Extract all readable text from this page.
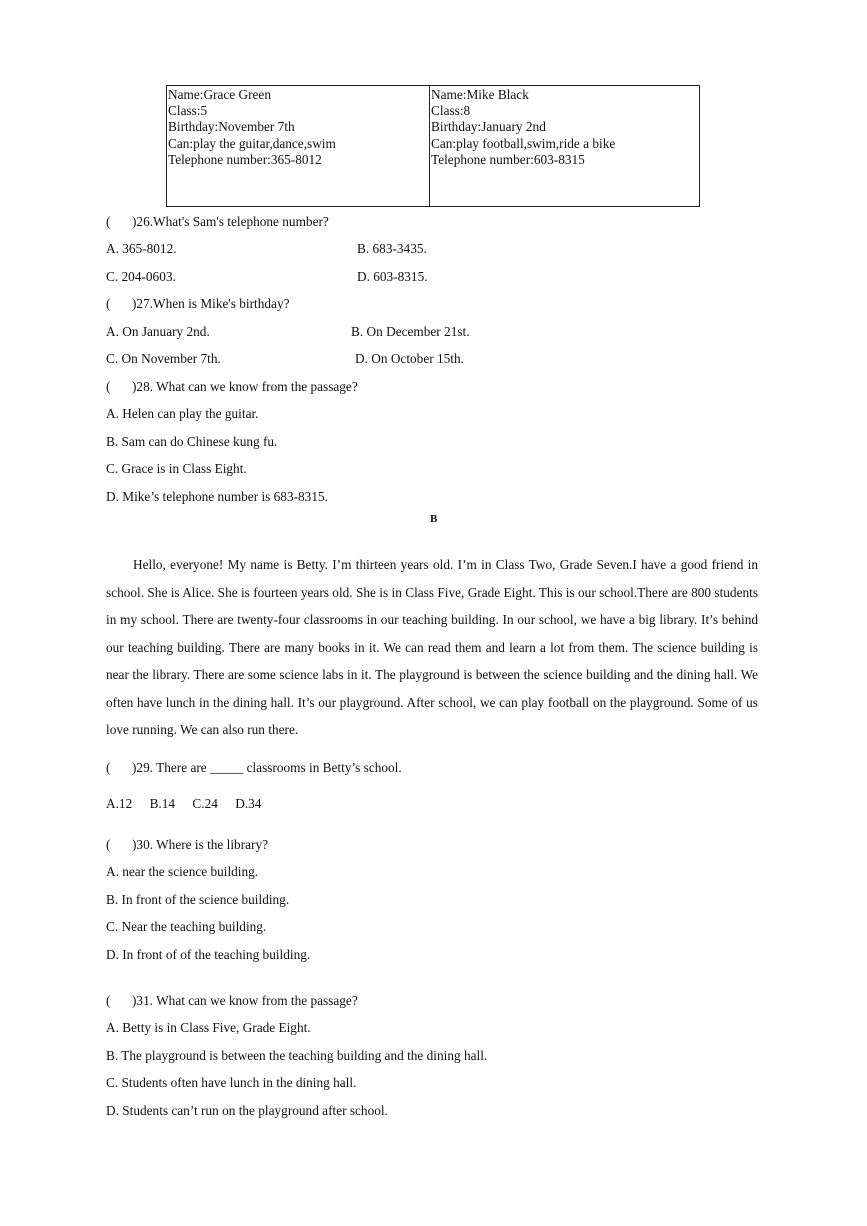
Name:Grace Green
Class:5
Birthday:November 7th
Can:play the guitar,dance,swim
Telephone number:365-8012
Name:Mike Black
Class:8
Birthday:January 2nd
Can:play football,swim,ride a bike
Telephone number:603-8315
( )26.What's Sam's telephone number?
A. 365-8012.	B. 683-3435.
C. 204-0603.	D. 603-8315.
( )27.When is Mike's birthday?
A. On January 2nd.	B. On December 21st.
C. On November 7th.	D. On October 15th.
( )28. What can we know from the passage?
A. Helen can play the guitar.
B. Sam can do Chinese kung fu.
C. Grace is in Class Eight.
D. Mike’s telephone number is 683-8315.
B

Hello, everyone! My name is Betty. I’m thirteen years old. I’m in Class Two, Grade Seven.I have a good friend in school. She is Alice. She is fourteen years old. She is in Class Five, Grade Eight. This is our school.There are 800 students in my school. There are twenty-four classrooms in our teaching building. In our school, we have a big library. It’s behind our teaching building. There are many books in it. We can read them and learn a lot from them. The science building is near the library. There are some science labs in it. The playground is between the science building and the dining hall. We often have lunch in the dining hall. It’s our playground. After school, we can play football on the playground. Some of us love running. We can also run there.

( )29. There are _____ classrooms in Betty’s school.
A.12 B.14 C.24 D.34
( )30. Where is the library?
A. near the science building.
B. In front of the science building.
C. Near the teaching building.
D. In front of of the teaching building.
( )31. What can we know from the passage?
A. Betty is in Class Five, Grade Eight.
B. The playground is between the teaching building and the dining hall.
C. Students often have lunch in the dining hall.
D. Students can’t run on the playground after school.
